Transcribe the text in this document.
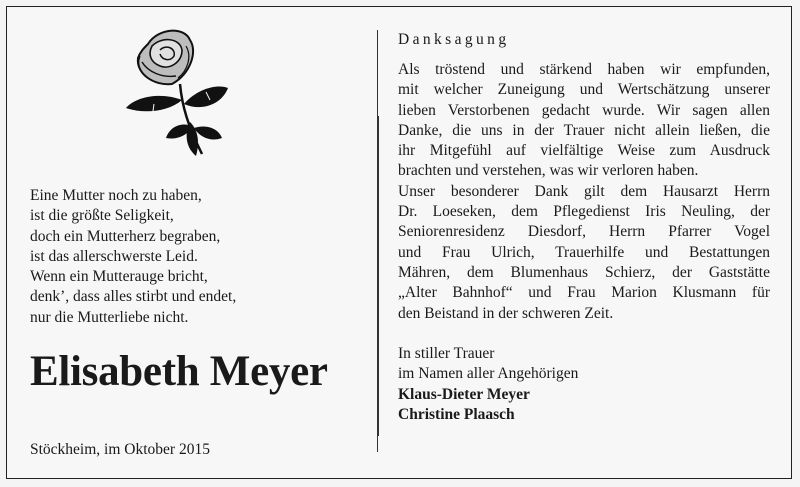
Eine Mutter noch zu haben,
ist die größte Seligkeit,
doch ein Mutterherz begraben,
ist das allerschwerste Leid.
Wenn ein Mutterauge bricht,
denk’, dass alles stirbt und endet,
nur die Mutterliebe nicht.
Elisabeth Meyer
Stöckheim, im Oktober 2015
Danksagung

Als tröstend und stärkend haben wir empfunden,

mit welcher Zuneigung und Wertschätzung unserer

lieben Verstorbenen gedacht wurde. Wir sagen allen

Danke, die uns in der Trauer nicht allein ließen, die

ihr Mitgefühl auf vielfältige Weise zum Ausdruck

brachten und verstehen, was wir verloren haben.

Unser besonderer Dank gilt dem Hausarzt Herrn

Dr. Loeseken, dem Pflegedienst Iris Neuling, der

Seniorenresidenz Diesdorf, Herrn Pfarrer Vogel

und Frau Ulrich, Trauerhilfe und Bestattungen

Mähren, dem Blumenhaus Schierz, der Gaststätte

„Alter Bahnhof“ und Frau Marion Klusmann für

den Beistand in der schweren Zeit.

In stiller Trauer
im Namen aller Angehörigen
Klaus-Dieter Meyer
Christine Plaasch
